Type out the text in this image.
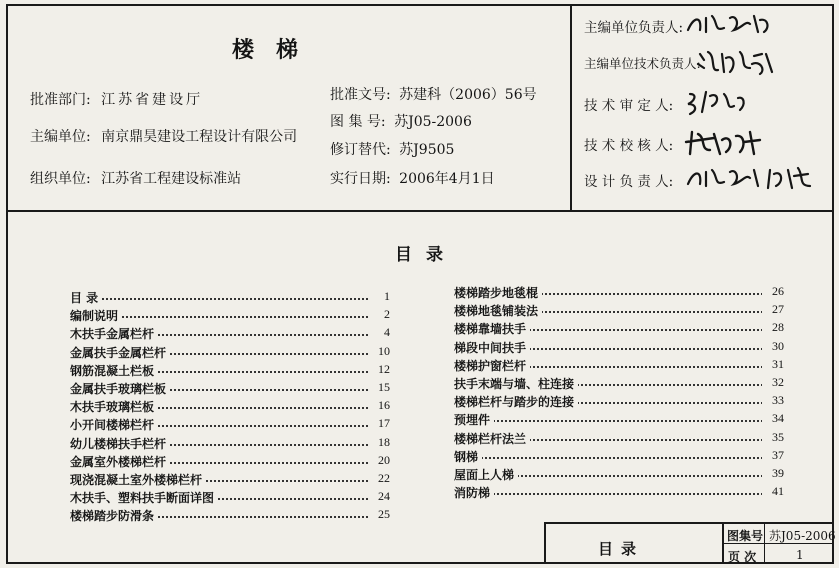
楼梯
批准部门: 江苏省建设厅
主编单位: 南京鼎昊建设工程设计有限公司
组织单位: 江苏省工程建设标准站
批准文号: 苏建科（2006）56号
图 集 号: 苏J05-2006
修订替代: 苏J9505
实行日期: 2006年4月1日
主编单位负责人:
主编单位技术负责人:
技 术 审 定 人:
技 术 校 核 人:
设 计 负 责 人:
目录
目 录	1
编制说明	2
木扶手金属栏杆	4
金属扶手金属栏杆	10
钢筋混凝土栏板	12
金属扶手玻璃栏板	15
木扶手玻璃栏板	16
小开间楼梯栏杆	17
幼儿楼梯扶手栏杆	18
金属室外楼梯栏杆	20
现浇混凝土室外楼梯栏杆	22
木扶手、塑料扶手断面详图	24
楼梯踏步防滑条	25
楼梯踏步地毯棍	26
楼梯地毯铺装法	27
楼梯靠墙扶手	28
梯段中间扶手	30
楼梯护窗栏杆	31
扶手末端与墙、柱连接	32
楼梯栏杆与踏步的连接	33
预埋件	34
楼梯栏杆法兰	35
钢梯	37
屋面上人梯	39
消防梯	41
目录
图集号 苏J05-2006
页 次	1
